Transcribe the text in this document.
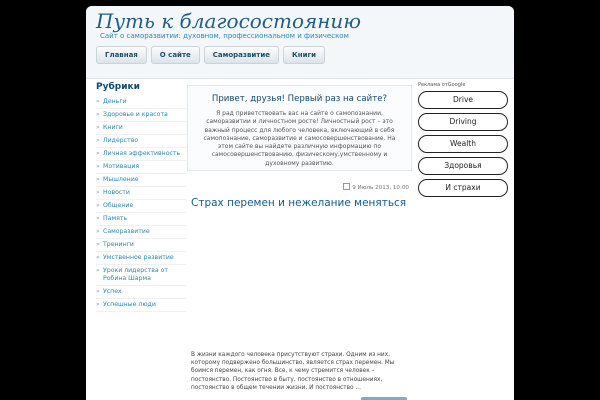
Путь к благосостоянию
Сайт о саморазвитии: духовном, профессиональном и физическом
Главная	О сайте	Саморазвитие	Книги
Рубрики
» Деньги
» Здоровье и красота
» Книги
» Лидерство
» Личная эффективность
» Мотивация
» Мышление
» Новости
» Общение
» Память
» Саморазвитие
» Тренинги
» Умственное развитие
» Уроки лидерства от Робина Шарма
» Успех
» Успешные люди
Привет, друзья! Первый раз на сайте?

Я рад приветствовать вас на сайте о самопознании, саморазвитии и личностном росте! Личностный рост – это важный процесс для любого человека, включающий в себя самопознание, саморазвитие и самосовершенствование. На этом сайте вы найдете различную информацию по самосовершенствованию, физическому,умственному и духовному развитию.

9 Июль 2013, 10:00
Страх перемен и нежелание меняться
В жизни каждого человека присутствуют страхи. Одним из них, которому подвержено большинство, является страх перемен. Мы боимся перемен, как огня. Все, к чему стремится человек – постоянство. Постоянство в быту, постоянство в отношениях, постоянство в общем течении жизни. И постоянство ...
Реклама отGoogle
Drive
Driving
Wealth
Здоровья
И страхи
